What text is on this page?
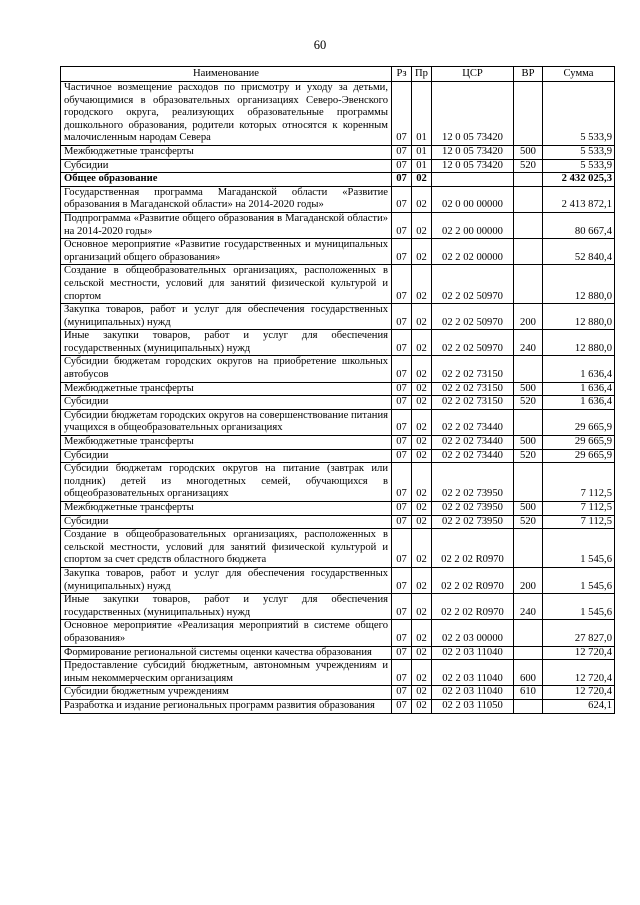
60
Наименование	Рз	Пр	ЦСР	ВР	Сумма
Частичное возмещение расходов по присмотру и уходу за детьми, обучающимися в образовательных организациях Северо-Эвенского городского округа, реализующих образовательные программы дошкольного образования, родители которых относятся к коренным малочисленным народам Севера	07	01	12 0 05 73420		5 533,9
Межбюджетные трансферты	07	01	12 0 05 73420	500	5 533,9
Субсидии	07	01	12 0 05 73420	520	5 533,9
Общее образование	07	02			2 432 025,3
Государственная программа Магаданской области «Развитие образования в Магаданской области» на 2014-2020 годы»	07	02	02 0 00 00000		2 413 872,1
Подпрограмма «Развитие общего образования в Магаданской области» на 2014-2020 годы»	07	02	02 2 00 00000		80 667,4
Основное мероприятие «Развитие государственных и муниципальных организаций общего образования»	07	02	02 2 02 00000		52 840,4
Создание в общеобразовательных организациях, расположенных в сельской местности, условий для занятий физической культурой и спортом	07	02	02 2 02 50970		12 880,0
Закупка товаров, работ и услуг для обеспечения государственных (муниципальных) нужд	07	02	02 2 02 50970	200	12 880,0
Иные закупки товаров, работ и услуг для обеспечения государственных (муниципальных) нужд	07	02	02 2 02 50970	240	12 880,0
Субсидии бюджетам городских округов на приобретение школьных автобусов	07	02	02 2 02 73150		1 636,4
Межбюджетные трансферты	07	02	02 2 02 73150	500	1 636,4
Субсидии	07	02	02 2 02 73150	520	1 636,4
Субсидии бюджетам городских округов на совершенствование питания учащихся в общеобразовательных организациях	07	02	02 2 02 73440		29 665,9
Межбюджетные трансферты	07	02	02 2 02 73440	500	29 665,9
Субсидии	07	02	02 2 02 73440	520	29 665,9
Субсидии бюджетам городских округов на питание (завтрак или полдник) детей из многодетных семей, обучающихся в общеобразовательных организациях	07	02	02 2 02 73950		7 112,5
Межбюджетные трансферты	07	02	02 2 02 73950	500	7 112,5
Субсидии	07	02	02 2 02 73950	520	7 112,5
Создание в общеобразовательных организациях, расположенных в сельской местности, условий для занятий физической культурой и спортом за счет средств областного бюджета	07	02	02 2 02 R0970		1 545,6
Закупка товаров, работ и услуг для обеспечения государственных (муниципальных) нужд	07	02	02 2 02 R0970	200	1 545,6
Иные закупки товаров, работ и услуг для обеспечения государственных (муниципальных) нужд	07	02	02 2 02 R0970	240	1 545,6
Основное мероприятие «Реализация мероприятий в системе общего образования»	07	02	02 2 03 00000		27 827,0
Формирование региональной системы оценки качества образования	07	02	02 2 03 11040		12 720,4
Предоставление субсидий бюджетным, автономным учреждениям и иным некоммерческим организациям	07	02	02 2 03 11040	600	12 720,4
Субсидии бюджетным учреждениям	07	02	02 2 03 11040	610	12 720,4
Разработка и издание региональных программ развития образования	07	02	02 2 03 11050		624,1
